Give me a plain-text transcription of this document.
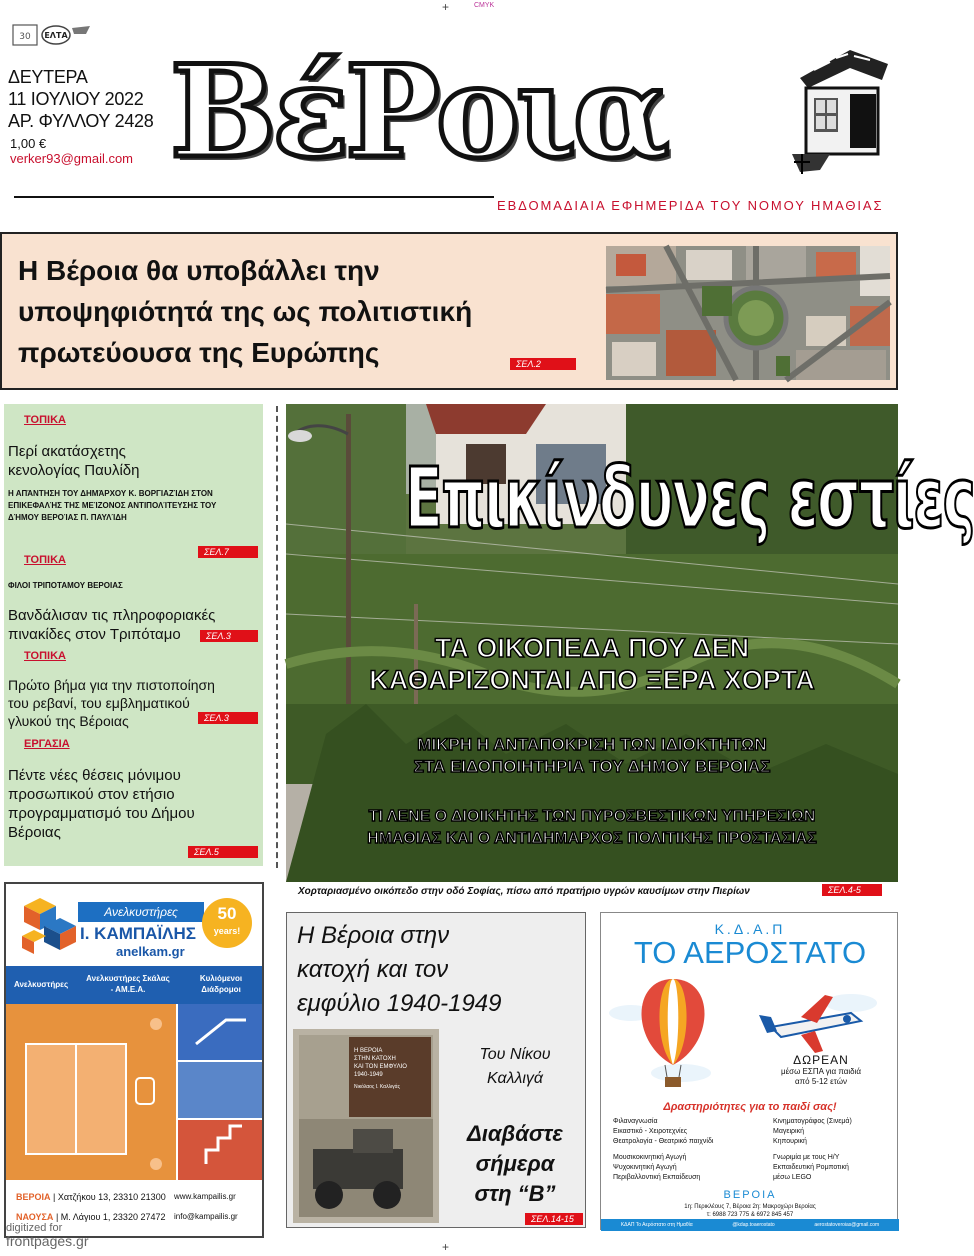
+	CMYK
30 ΕΛΤΑ
ΔΕΥΤΕΡΑ
11 ΙΟΥΛΙΟΥ 2022
ΑΡ. ΦΥΛΛΟΥ 2428
1,00 €
verker93@gmail.com ΒέΡοια
ΕΒΔΟΜΑΔΙΑΙΑ ΕΦΗΜΕΡΙΔΑ ΤΟΥ ΝΟΜΟΥ ΗΜΑΘΙΑΣ
Η Βέροια θα υποβάλλει την
υποψηφιότητά της ως πολιτιστική
πρωτεύουσα της Ευρώπης	ΣΕΛ.2
ΤΟΠΙΚΑ
Περί ακατάσχετης
κενολογίας Παυλίδη
Η ΑΠΆΝΤΗΣΗ ΤΟΥ ΔΗΜΆΡΧΟΥ Κ. ΒΟΡΓΙΑΖΊΔΗ ΣΤΟΝ
ΕΠΙΚΕΦΑΛΉΣ ΤΗΣ ΜΕΊΖΟΝΟΣ ΑΝΤΙΠΟΛΊΤΕΥΣΗΣ ΤΟΥ
ΔΉΜΟΥ ΒΕΡΟΊΑΣ Π. ΠΑΥΛΊΔΗ
ΣΕΛ.7
ΤΟΠΙΚΑ
ΦΙΛΟΙ ΤΡΙΠΟΤΑΜΟΥ ΒΕΡΟΙΑΣ
Βανδάλισαν τις πληροφοριακές
πινακίδες στον Τριπόταμο	ΣΕΛ.3
ΤΟΠΙΚΑ
Πρώτο βήμα για την πιστοποίηση
του ρεβανί, του εμβληματικού
γλυκού της Βέροιας	ΣΕΛ.3
ΕΡΓΑΣΙΑ
Πέντε νέες θέσεις μόνιμου
προσωπικού στον ετήσιο
προγραμματισμό του Δήμου
Βέροιας
ΣΕΛ.5
Επικίνδυνες εστίες
ΤΑ ΟΙΚΟΠΕΔΑ ΠΟΥ ΔΕΝ
ΚΑΘΑΡΙΖΟΝΤΑΙ ΑΠΟ ΞΕΡΑ ΧΟΡΤΑ
ΜΙΚΡΗ Η ΑΝΤΑΠΟΚΡΙΣΗ ΤΩΝ ΙΔΙΟΚΤΗΤΩΝ
ΣΤΑ ΕΙΔΟΠΟΙΗΤΗΡΙΑ ΤΟΥ ΔΗΜΟΥ ΒΕΡΟΙΑΣ
ΤΙ ΛΕΝΕ Ο ΔΙΟΙΚΗΤΗΣ ΤΩΝ ΠΥΡΟΣΒΕΣΤΙΚΩΝ ΥΠΗΡΕΣΙΩΝ
ΗΜΑΘΙΑΣ ΚΑΙ Ο ΑΝΤΙΔΗΜΑΡΧΟΣ ΠΟΛΙΤΙΚΗΣ ΠΡΟΣΤΑΣΙΑΣ
Χορταριασμένο οικόπεδο στην οδό Σοφίας, πίσω από πρατήριο υγρών καυσίμων στην Πιερίων	ΣΕΛ.4-5
Ανελκυστήρες
Ι. ΚΑΜΠΑΪΛΗΣ
anelkam.gr
50
years!
Ανελκυστήρες
Ανελκυστήρες Σκάλας - ΑΜ.Ε.Α.
Κυλιόμενοι Διάδρομοι
ΒΕΡΟΙΑ | Χατζήκου 13, 23310 21300
ΝΑΟΥΣΑ | Μ. Λάγιου 1, 23320 27472
www.kampailis.gr
info@kampailis.gr
Η Βέροια στην
κατοχή και τον
εμφύλιο 1940-1949
Η ΒΕΡΟΙΑ
ΣΤΗΝ ΚΑΤΟΧΗ
ΚΑΙ ΤΟΝ ΕΜΦΥΛΙΟ
1940-1949
Νικόλαος Ι. Καλλιγάς
Του Νίκου
Καλλιγά
Διαβάστε
σήμερα
στη “Β”
ΣΕΛ.14-15
Κ.Δ.Α.Π
ΤΟ ΑΕΡΟΣΤΑΤΟ
ΔΩΡΕΑΝ
μέσω ΕΣΠΑ για παιδιά
από 5-12 ετών
Δραστηριότητες για το παιδί σας!
Φιλαναγνωσία
Εικαστικό - Χειροτεχνίες
Θεατρολογία - Θεατρικό παιχνίδι
Μουσικοκινητική Αγωγή
Ψυχοκινητική Αγωγή
Περιβαλλοντική Εκπαίδευση
Κινηματογράφος (Σινεμά)
Μαγειρική
Κηπουρική
Γνωριμία με τους Η/Υ
Εκπαιδευτική Ρομποτική
μέσω LEGO
ΒΕΡΟΙΑ
1η: Περικλέους 7, Βέροια 2η: Μακροχώρι Βεροίας
τ: 6988 723 775 & 6972 845 457
ΚΔΑΠ Το Αερόστατο στη Ημαθία	@kdap.toaerostato	aerostatoveroias@gmail.com
+
digitized for
frontpages.gr
